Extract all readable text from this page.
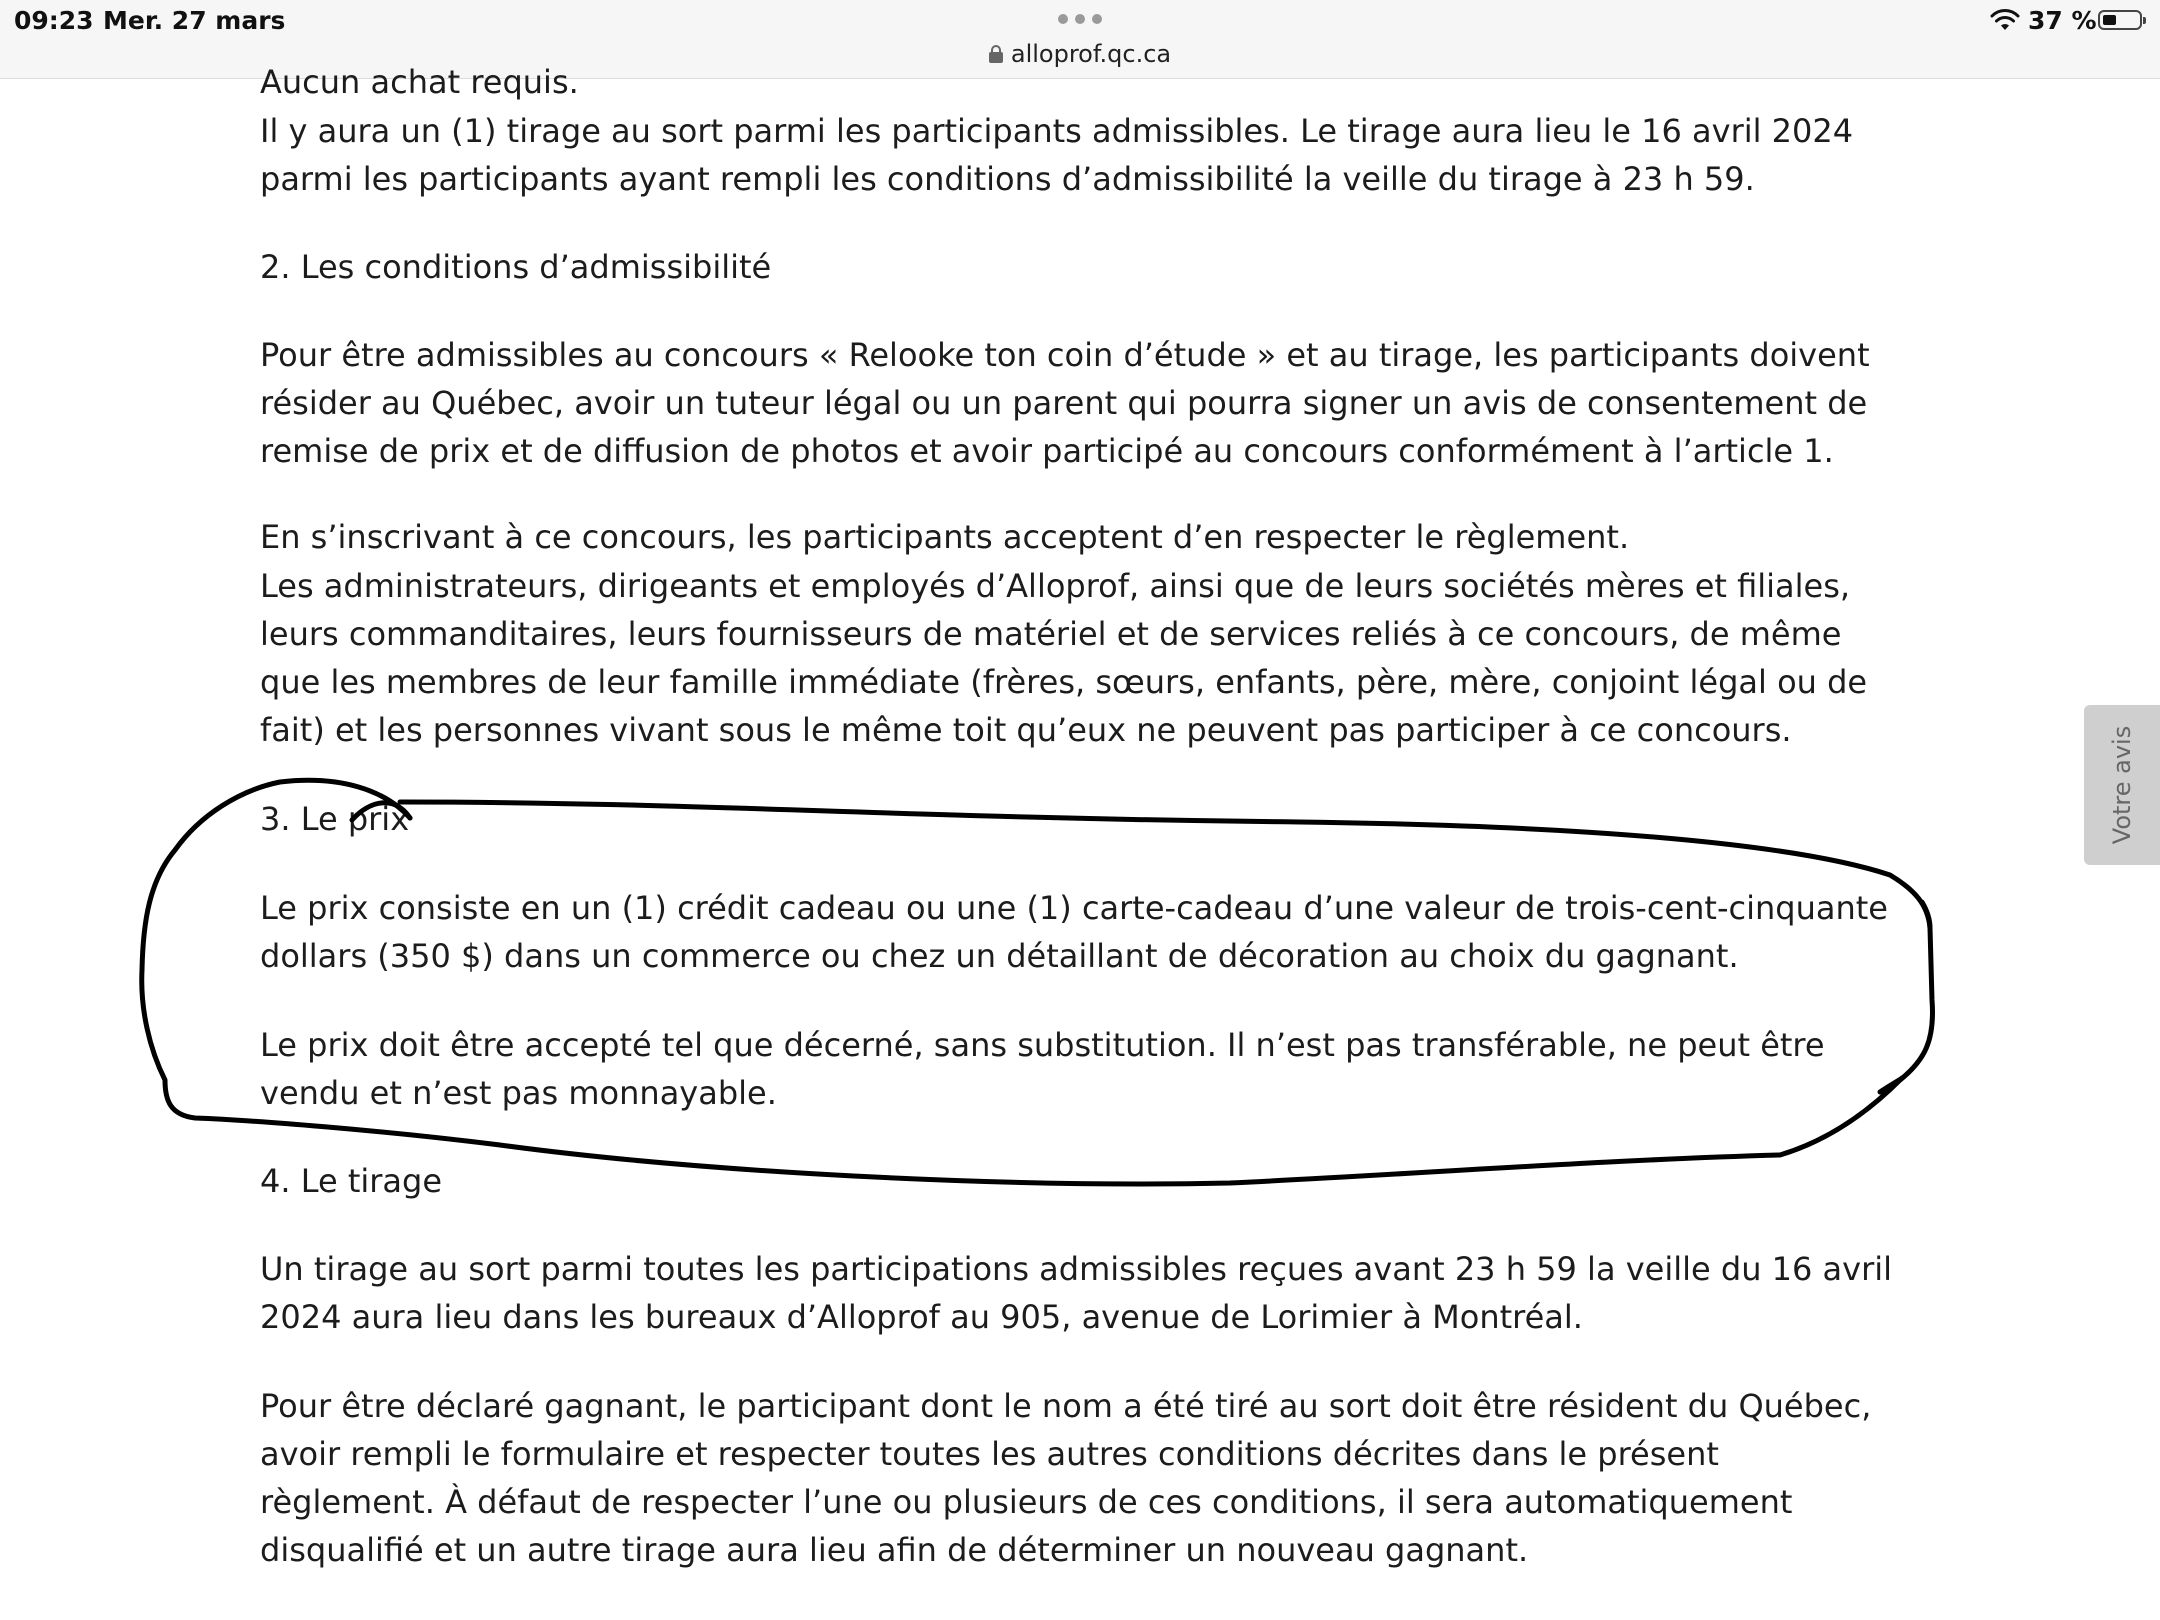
09:23 Mer. 27 mars
alloprof.qc.ca
37 %

Aucun achat requis.

Il y aura un (1) tirage au sort parmi les participants admissibles. Le tirage aura lieu le 16 avril 2024 parmi les participants ayant rempli les conditions d’admissibilité la veille du tirage à 23 h 59.

2. Les conditions d’admissibilité

Pour être admissibles au concours « Relooke ton coin d’étude » et au tirage, les participants doivent résider au Québec, avoir un tuteur légal ou un parent qui pourra signer un avis de consentement de remise de prix et de diffusion de photos et avoir participé au concours conformément à l’article 1.

En s’inscrivant à ce concours, les participants acceptent d’en respecter le règlement.

Les administrateurs, dirigeants et employés d’Alloprof, ainsi que de leurs sociétés mères et filiales, leurs commanditaires, leurs fournisseurs de matériel et de services reliés à ce concours, de même que les membres de leur famille immédiate (frères, sœurs, enfants, père, mère, conjoint légal ou de fait) et les personnes vivant sous le même toit qu’eux ne peuvent pas participer à ce concours.

3. Le prix

Le prix consiste en un (1) crédit cadeau ou une (1) carte-cadeau d’une valeur de trois-cent-cinquante dollars (350 $) dans un commerce ou chez un détaillant de décoration au choix du gagnant.

Le prix doit être accepté tel que décerné, sans substitution. Il n’est pas transférable, ne peut être vendu et n’est pas monnayable.

4. Le tirage

Un tirage au sort parmi toutes les participations admissibles reçues avant 23 h 59 la veille du 16 avril 2024 aura lieu dans les bureaux d’Alloprof au 905, avenue de Lorimier à Montréal.

Pour être déclaré gagnant, le participant dont le nom a été tiré au sort doit être résident du Québec, avoir rempli le formulaire et respecter toutes les autres conditions décrites dans le présent règlement. À défaut de respecter l’une ou plusieurs de ces conditions, il sera automatiquement disqualifié et un autre tirage aura lieu afin de déterminer un nouveau gagnant.

Votre avis
